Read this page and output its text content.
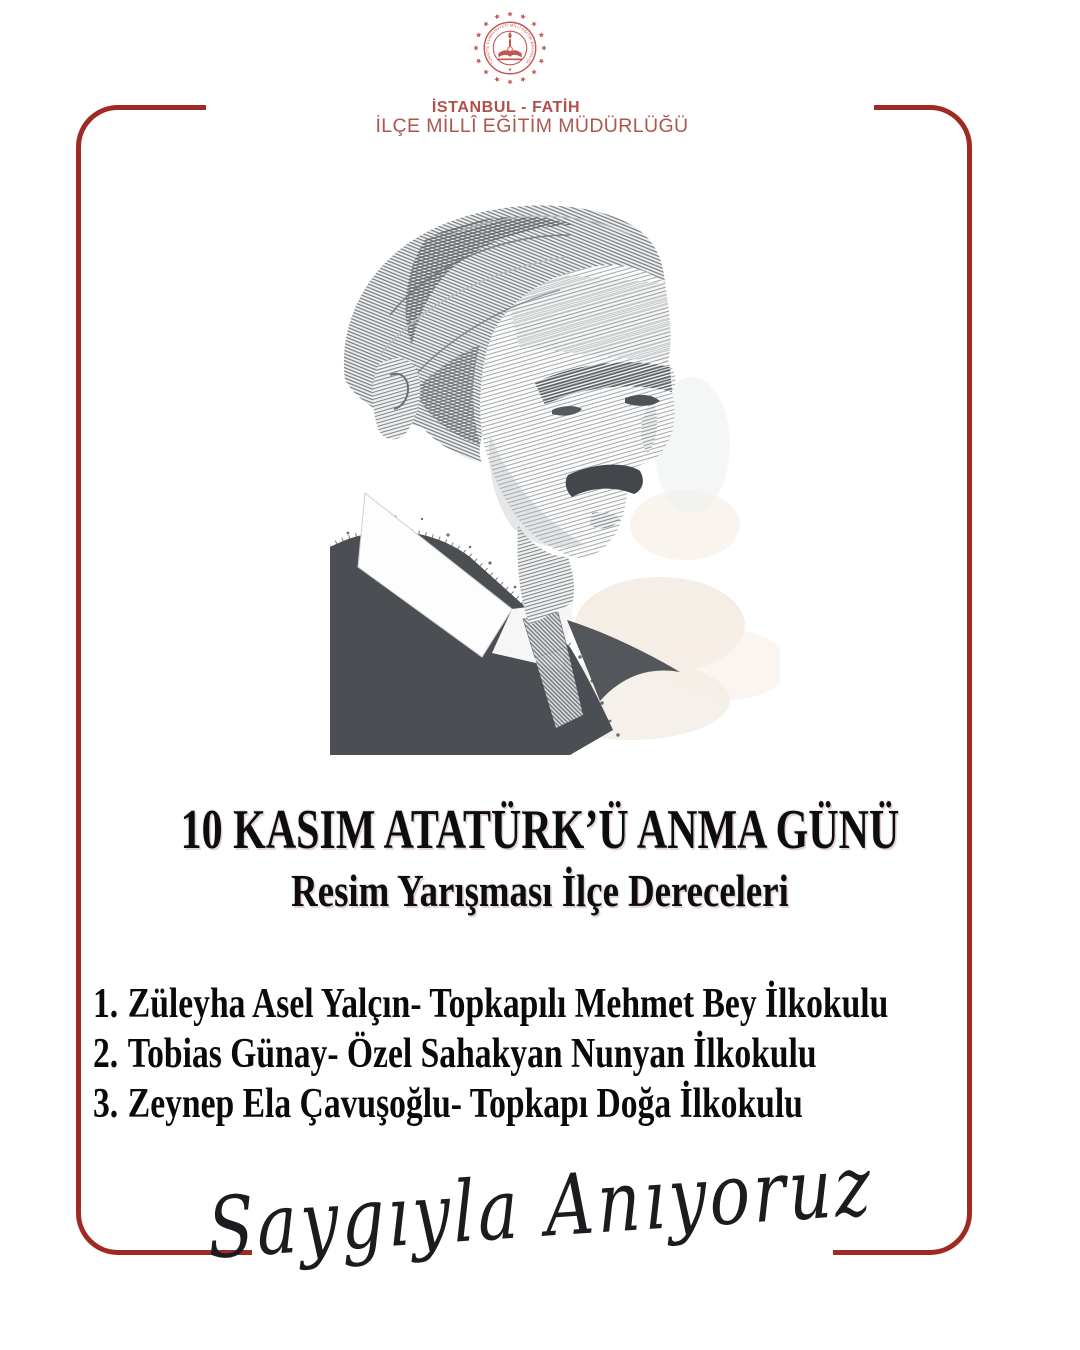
TÜRKİYE CUMHURİYETİ MİLLÎ EĞİTİM BAKANLIĞI
İSTANBUL - FATİH
İLÇE MİLLÎ EĞİTİM MÜDÜRLÜĞÜ
10 KASIM ATATÜRK’Ü ANMA GÜNÜ
Resim Yarışması İlçe Dereceleri
1. Züleyha Asel Yalçın- Topkapılı Mehmet Bey İlkokulu
2. Tobias Günay- Özel Sahakyan Nunyan İlkokulu
3. Zeynep Ela Çavuşoğlu- Topkapı Doğa İlkokulu
Saygıyla Anıyoruz
